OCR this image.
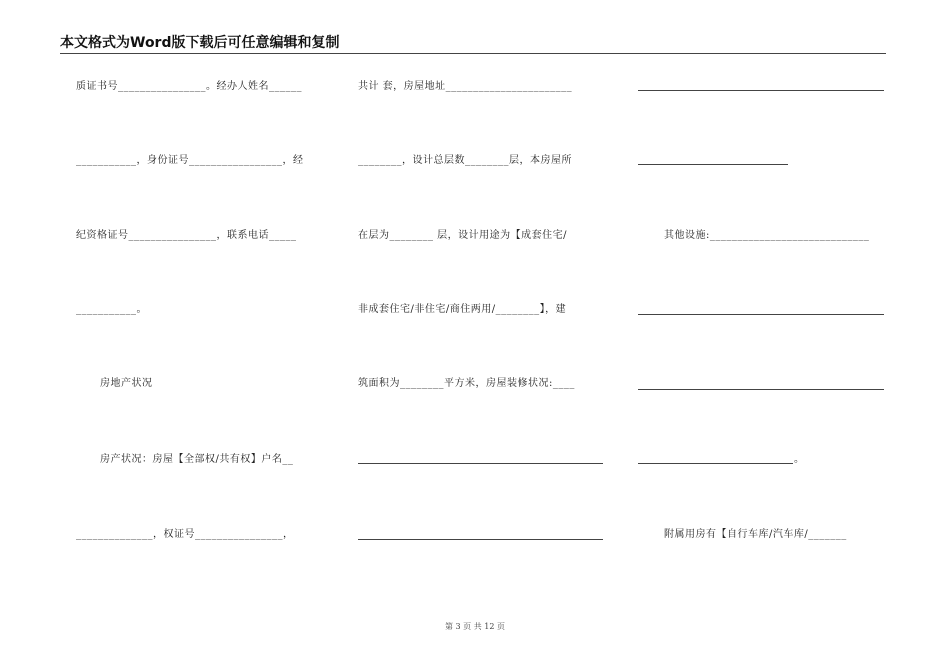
本文格式为Word版下载后可任意编辑和复制
质证书号________________。经办人姓名______
___________，身份证号_________________，经
纪资格证号________________，联系电话_____
___________。
房地产状况
房产状况：房屋【全部权/共有权】户名__
______________，权证号________________，
共计 套，房屋地址_______________________
________，设计总层数________层，本房屋所
在层为________ 层，设计用途为【成套住宅/
非成套住宅/非住宅/商住两用/________】，建
筑面积为________平方米，房屋装修状况:____
其他设施:_____________________________
。
附属用房有【自行车库/汽车库/_______
第 3 页 共 12 页
